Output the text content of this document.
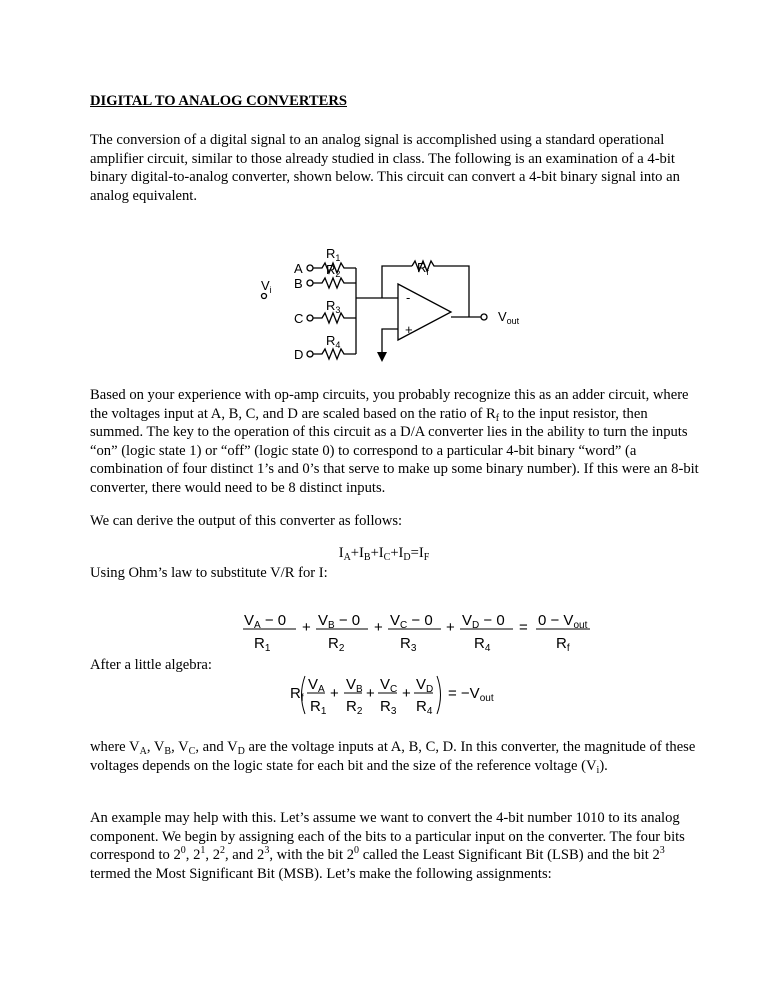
DIGITAL TO ANALOG CONVERTERS

The conversion of a digital signal to an analog signal is accomplished using a standard operational amplifier circuit, similar to those already studied in class. The following is an examination of a 4-bit binary digital-to-analog converter, shown below. This circuit can convert a 4-bit binary signal into an analog equivalent.

A
B
C
D
$R_1$
$R_2$
$R_3$
$R_4$
$R_f$
$V_i$
$V_{out}$
-
+

Based on your experience with op-amp circuits, you probably recognize this as an adder circuit, where the voltages input at A, B, C, and D are scaled based on the ratio of $R_f$ to the input resistor, then summed. The key to the operation of this circuit as a D/A converter lies in the ability to turn the inputs “on” (logic state 1) or “off” (logic state 0) to correspond to a particular 4-bit binary “word” (a combination of four distinct 1’s and 0’s that serve to make up some binary number). If this were an 8-bit converter, there would need to be 8 distinct inputs.

We can derive the output of this converter as follows:

$I_A+I_B+I_C+I_D=I_F$

Using Ohm’s law to substitute V/R for I:

$V_A - 0$
$R_1$
+ $V_B - 0$
$R_2$
+ $V_C - 0$
$R_3$
+ $V_D - 0$
$R_4$
= $0 - V_{out}$
$R_f$
After a little algebra:
$R_f$
$V_A$
$R_1$
+
$V_B$
$R_2$
+
$V_C$
$R_3$
+
$V_D$
$R_4$
= $-V_{out}$

where $V_A$, $V_B$, $V_C$, and $V_D$ are the voltage inputs at A, B, C, D. In this converter, the magnitude of these voltages depends on the logic state for each bit and the size of the reference voltage $(V_i)$.

An example may help with this. Let’s assume we want to convert the 4-bit number 1010 to its analog component. We begin by assigning each of the bits to a particular input on the converter. The four bits correspond to $2^0$, $2^1$, $2^2$, and $2^3$, with the bit $2^0$ called the Least Significant Bit (LSB) and the bit $2^3$ termed the Most Significant Bit (MSB). Let’s make the following assignments:
